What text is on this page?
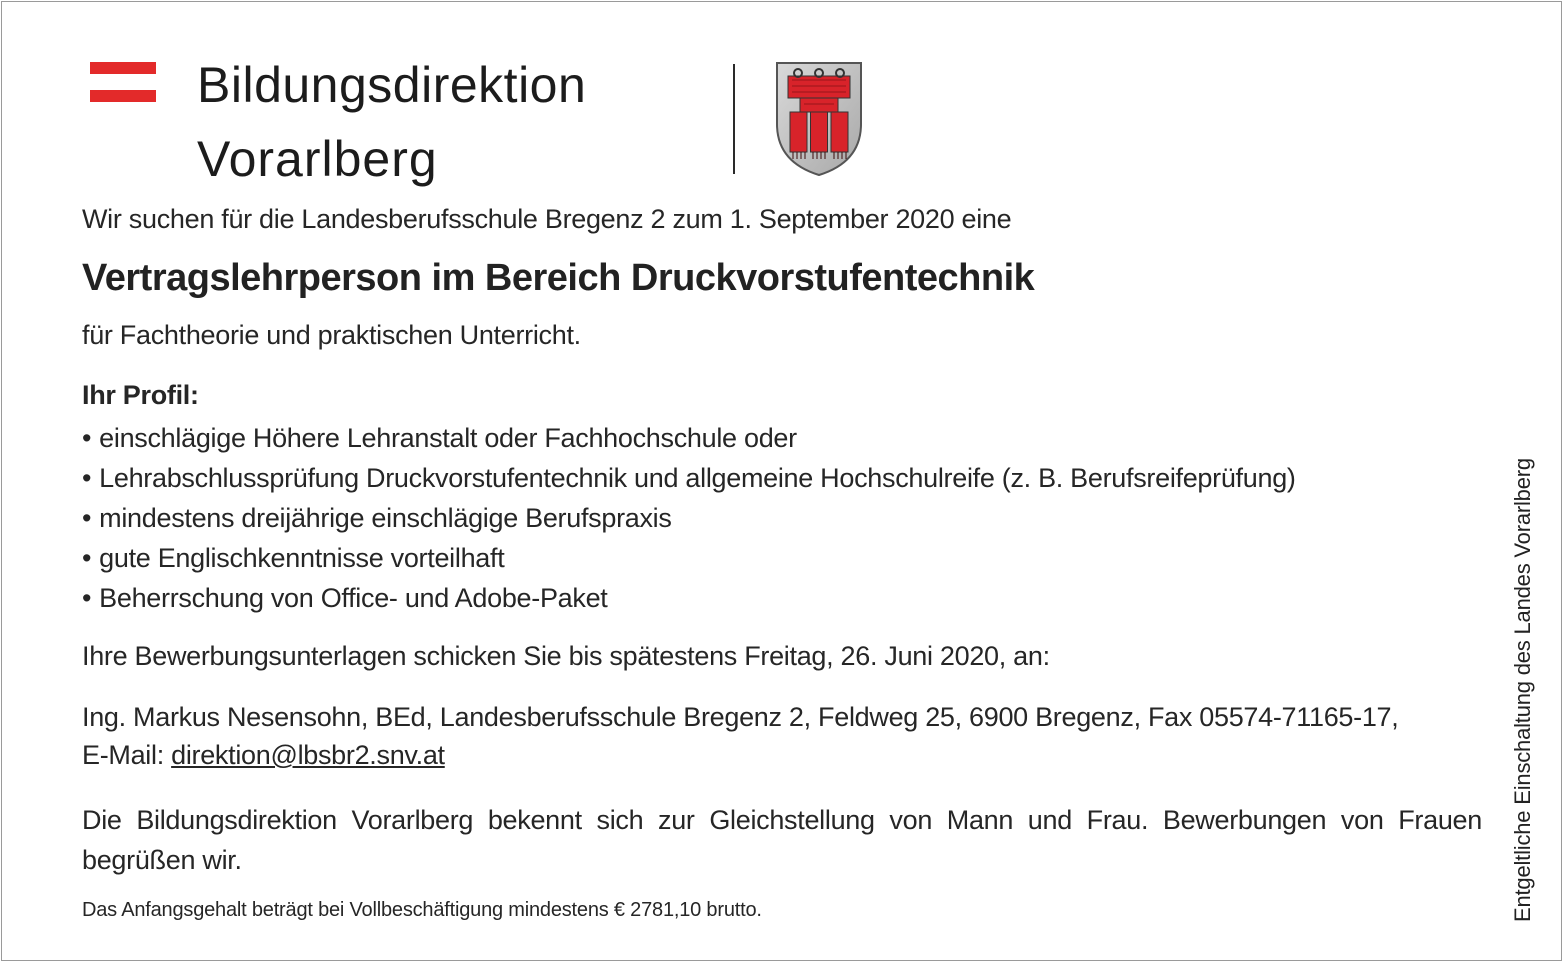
Bildungsdirektion
Vorarlberg
Wir suchen für die Landesberufsschule Bregenz 2 zum 1. September 2020 eine
Vertragslehrperson im Bereich Druckvorstufentechnik
für Fachtheorie und praktischen Unterricht.
Ihr Profil:
• einschlägige Höhere Lehranstalt oder Fachhochschule oder
• Lehrabschlussprüfung Druckvorstufentechnik und allgemeine Hochschulreife (z. B. Berufsreifeprüfung)
• mindestens dreijährige einschlägige Berufspraxis
• gute Englischkenntnisse vorteilhaft
• Beherrschung von Office- und Adobe-Paket
Ihre Bewerbungsunterlagen schicken Sie bis spätestens Freitag, 26. Juni 2020, an:
Ing. Markus Nesensohn, BEd, Landesberufsschule Bregenz 2, Feldweg 25, 6900 Bregenz, Fax 05574-71165-17,
E-Mail: direktion@lbsbr2.snv.at
Die Bildungsdirektion Vorarlberg bekennt sich zur Gleichstellung von Mann und Frau. Bewerbungen von Frauen begrüßen wir.
Das Anfangsgehalt beträgt bei Vollbeschäftigung mindestens € 2781,10 brutto.	Entgeltliche Einschaltung des Landes Vorarlberg
